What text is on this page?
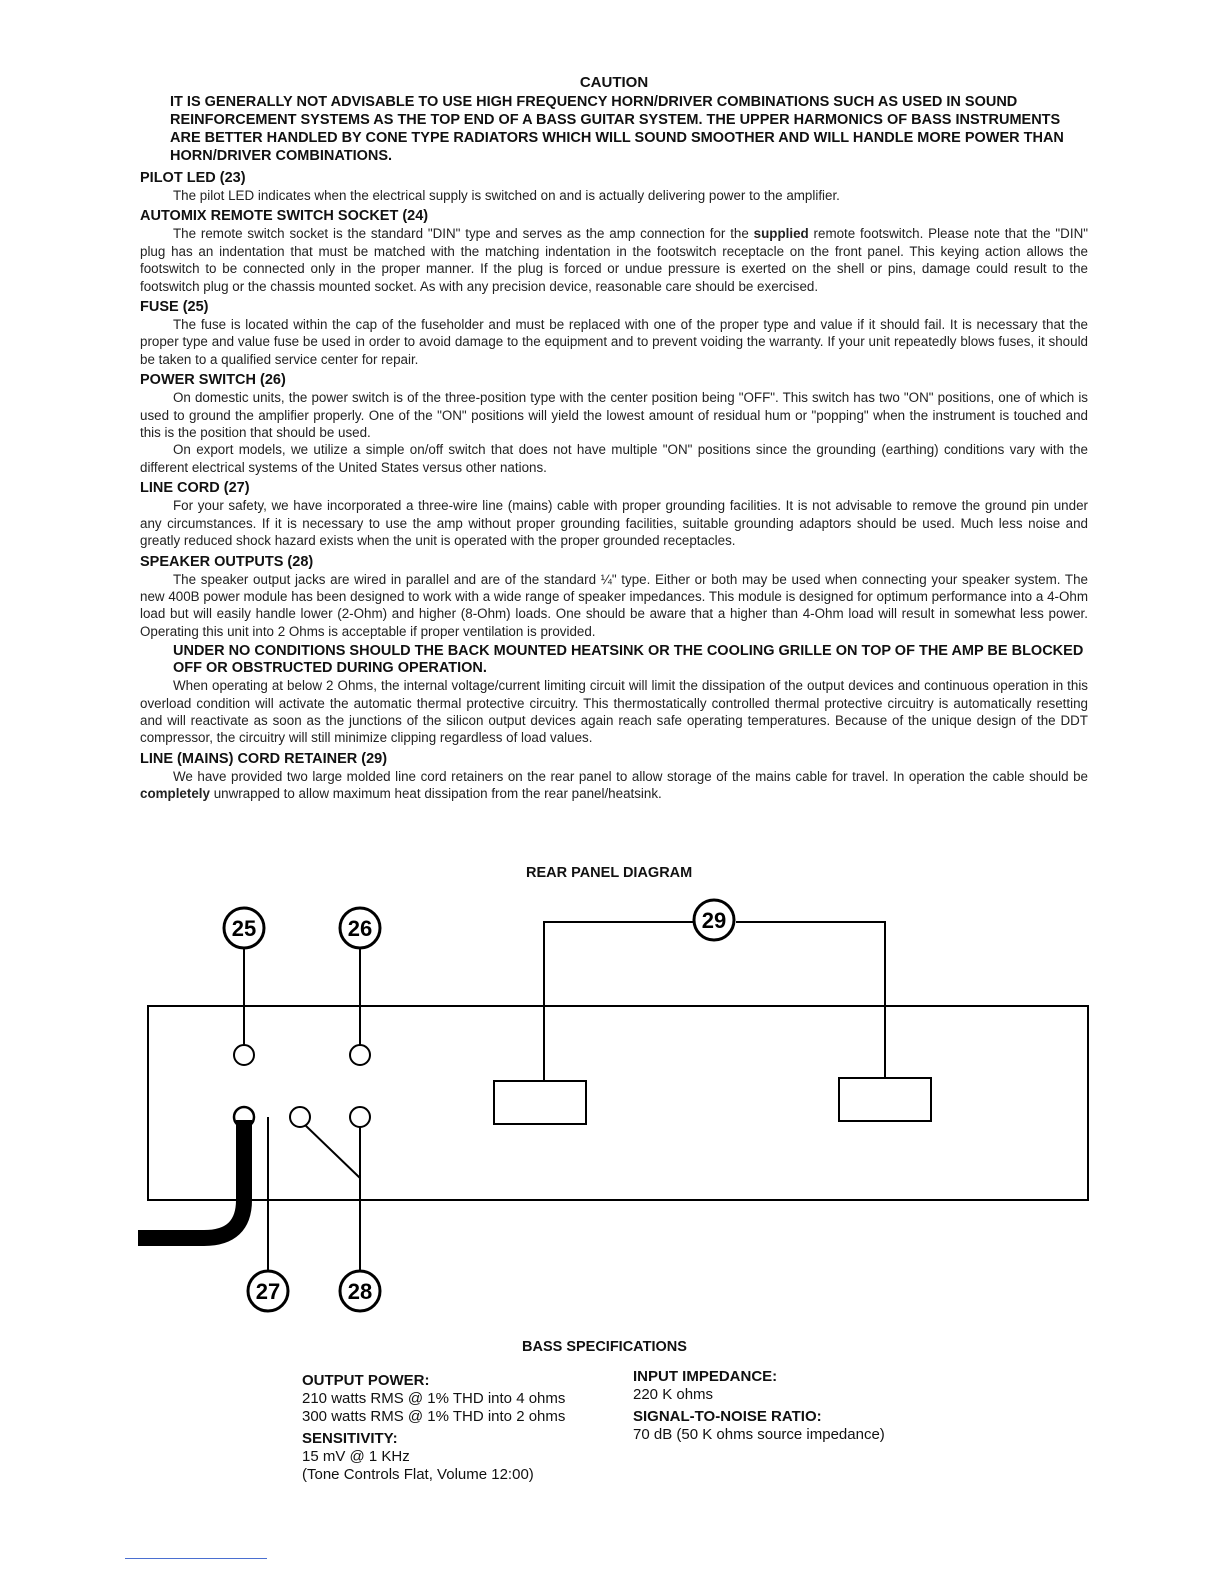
CAUTION
IT IS GENERALLY NOT ADVISABLE TO USE HIGH FREQUENCY HORN/DRIVER COMBINATIONS SUCH AS USED IN SOUND REINFORCEMENT SYSTEMS AS THE TOP END OF A BASS GUITAR SYSTEM. THE UPPER HARMONICS OF BASS INSTRUMENTS ARE BETTER HANDLED BY CONE TYPE RADIATORS WHICH WILL SOUND SMOOTHER AND WILL HANDLE MORE POWER THAN HORN/DRIVER COMBINATIONS.
PILOT LED (23)

The pilot LED indicates when the electrical supply is switched on and is actually delivering power to the amplifier.

AUTOMIX REMOTE SWITCH SOCKET (24)

The remote switch socket is the standard "DIN" type and serves as the amp connection for the supplied remote footswitch. Please note that the "DIN" plug has an indentation that must be matched with the matching indentation in the footswitch receptacle on the front panel. This keying action allows the footswitch to be connected only in the proper manner. If the plug is forced or undue pressure is exerted on the shell or pins, damage could result to the footswitch plug or the chassis mounted socket. As with any precision device, reasonable care should be exercised.

FUSE (25)

The fuse is located within the cap of the fuseholder and must be replaced with one of the proper type and value if it should fail. It is necessary that the proper type and value fuse be used in order to avoid damage to the equipment and to prevent voiding the warranty. If your unit repeatedly blows fuses, it should be taken to a qualified service center for repair.

POWER SWITCH (26)

On domestic units, the power switch is of the three-position type with the center position being "OFF". This switch has two "ON" positions, one of which is used to ground the amplifier properly. One of the "ON" positions will yield the lowest amount of residual hum or "popping" when the instrument is touched and this is the position that should be used.

On export models, we utilize a simple on/off switch that does not have multiple "ON" positions since the grounding (earthing) conditions vary with the different electrical systems of the United States versus other nations.

LINE CORD (27)

For your safety, we have incorporated a three-wire line (mains) cable with proper grounding facilities. It is not advisable to remove the ground pin under any circumstances. If it is necessary to use the amp without proper grounding facilities, suitable grounding adaptors should be used. Much less noise and greatly reduced shock hazard exists when the unit is operated with the proper grounded receptacles.

SPEAKER OUTPUTS (28)

The speaker output jacks are wired in parallel and are of the standard ¼" type. Either or both may be used when connecting your speaker system. The new 400B power module has been designed to work with a wide range of speaker impedances. This module is designed for optimum performance into a 4-Ohm load but will easily handle lower (2-Ohm) and higher (8-Ohm) loads. One should be aware that a higher than 4-Ohm load will result in somewhat less power. Operating this unit into 2 Ohms is acceptable if proper ventilation is provided.

UNDER NO CONDITIONS SHOULD THE BACK MOUNTED HEATSINK OR THE COOLING GRILLE ON TOP OF THE AMP BE BLOCKED OFF OR OBSTRUCTED DURING OPERATION.

When operating at below 2 Ohms, the internal voltage/current limiting circuit will limit the dissipation of the output devices and continuous operation in this overload condition will activate the automatic thermal protective circuitry. This thermostatically controlled thermal protective circuitry is automatically resetting and will reactivate as soon as the junctions of the silicon output devices again reach safe operating temperatures. Because of the unique design of the DDT compressor, the circuitry will still minimize clipping regardless of load values.

LINE (MAINS) CORD RETAINER (29)

We have provided two large molded line cord retainers on the rear panel to allow storage of the mains cable for travel. In operation the cable should be completely unwrapped to allow maximum heat dissipation from the rear panel/heatsink.

REAR PANEL DIAGRAM
25	26	29
27	28
BASS SPECIFICATIONS
OUTPUT POWER:
210 watts RMS @ 1% THD into 4 ohms
300 watts RMS @ 1% THD into 2 ohms
SENSITIVITY:
15 mV @ 1 KHz
(Tone Controls Flat, Volume 12:00)
INPUT IMPEDANCE:
220 K ohms
SIGNAL-TO-NOISE RATIO:
70 dB (50 K ohms source impedance)
